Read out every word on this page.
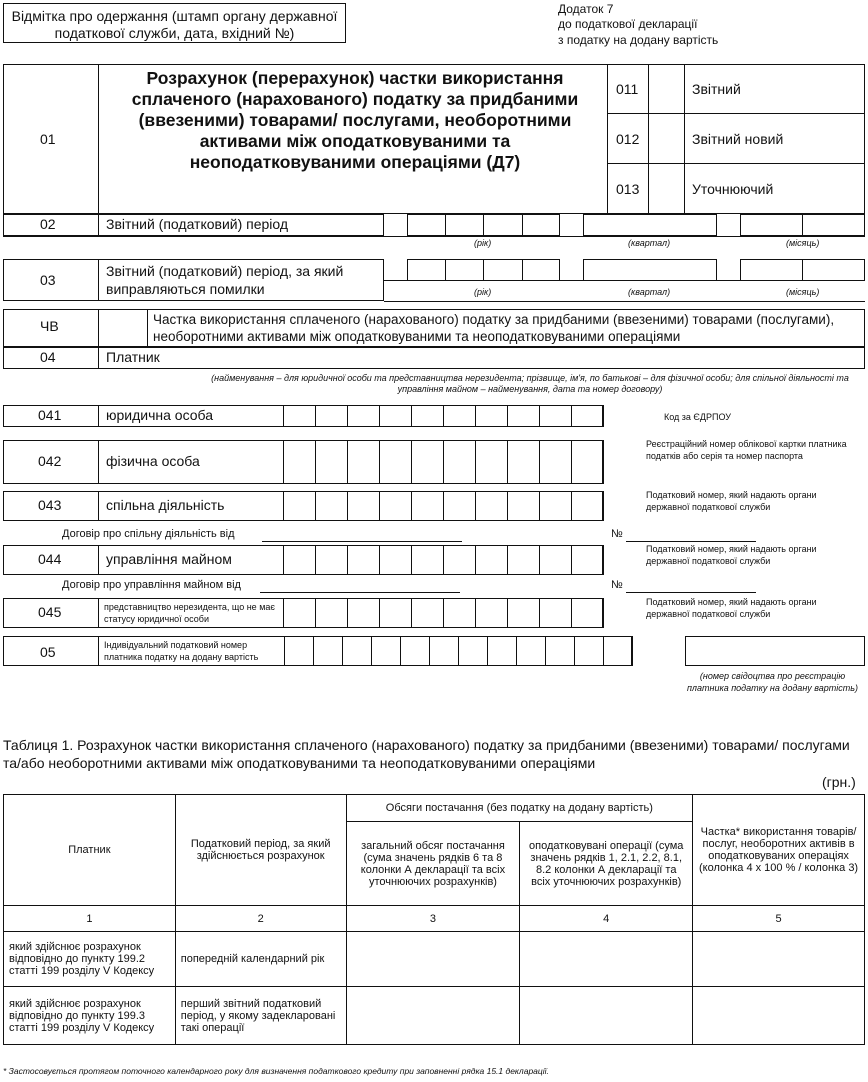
Відмітка про одержання (штамп органу державної податкової служби, дата, вхідний №)
Додаток 7
до податкової декларації
з податку на додану вартість
01
Розрахунок (перерахунок) частки використання сплаченого (нарахованого) податку за придбаними (ввезеними) товарами/ послугами, необоротними активами між оподатковуваними та неоподатковуваними операціями (Д7)
011	Звітний
012	Звітний новий
013	Уточнюючий
02	Звітний (податковий) період
(рік)	(квартал)	(місяць)
03
Звітний (податковий) період, за який виправляються помилки	(рік)	(квартал)	(місяць)
ЧВ	Частка використання сплаченого (нарахованого) податку за придбаними (ввезеними) товарами (послугами), необоротними активами між оподатковуваними та неоподатковуваними операціями
04	Платник
(найменування – для юридичної особи та представництва нерезидента; прізвище, ім'я, по батькові – для фізичної особи; для спільної діяльності та управління майном – найменування, дата та номер договору)
041	юридична особа	Код за ЄДРПОУ
042	фізична особа
Реєстраційний номер облікової картки платника податків або серія та номер паспорта
043	спільна діяльність
Податковий номер, який надають органи державної податкової служби
044	управління майном
Податковий номер, який надають органи державної податкової служби
045	представництво нерезидента, що не має статусу юридичної особи
Податковий номер, який надають органи державної податкової служби
Договір про спільну діяльність від	№
Договір про управління майном від	№
05	Індивідуальний податковий номер платника податку на додану вартість
(номер свідоцтва про реєстрацію платника податку на додану вартість)
Таблиця 1. Розрахунок частки використання сплаченого (нарахованого) податку за придбаними (ввезеними) товарами/ послугами та/або необоротними активами між оподатковуваними та неоподатковуваними операціями
(грн.)
Платник	Податковий період, за який здійснюється розрахунок	Обсяги постачання (без податку на додану вартість)		Частка* використання товарів/послуг, необоротних активів в оподатковуваних операціях (колонка 4 х 100 % / колонка 3)
		загальний обсяг постачання (сума значень рядків 6 та 8 колонки А декларації та всіх уточнюючих розрахунків)	оподатковувані операції (сума значень рядків 1, 2.1, 2.2, 8.1, 8.2 колонки А декларації та всіх уточнюючих розрахунків)	
1	2	3	4	5
який здійснює розрахунок відповідно до пункту 199.2 статті 199 розділу V Кодексу	попередній календарний рік			
який здійснює розрахунок відповідно до пункту 199.3 статті 199 розділу V Кодексу	перший звітний податковий період, у якому задекларовані такі операції			
* Застосовується протягом поточного календарного року для визначення податкового кредиту при заповненні рядка 15.1 декларації.
